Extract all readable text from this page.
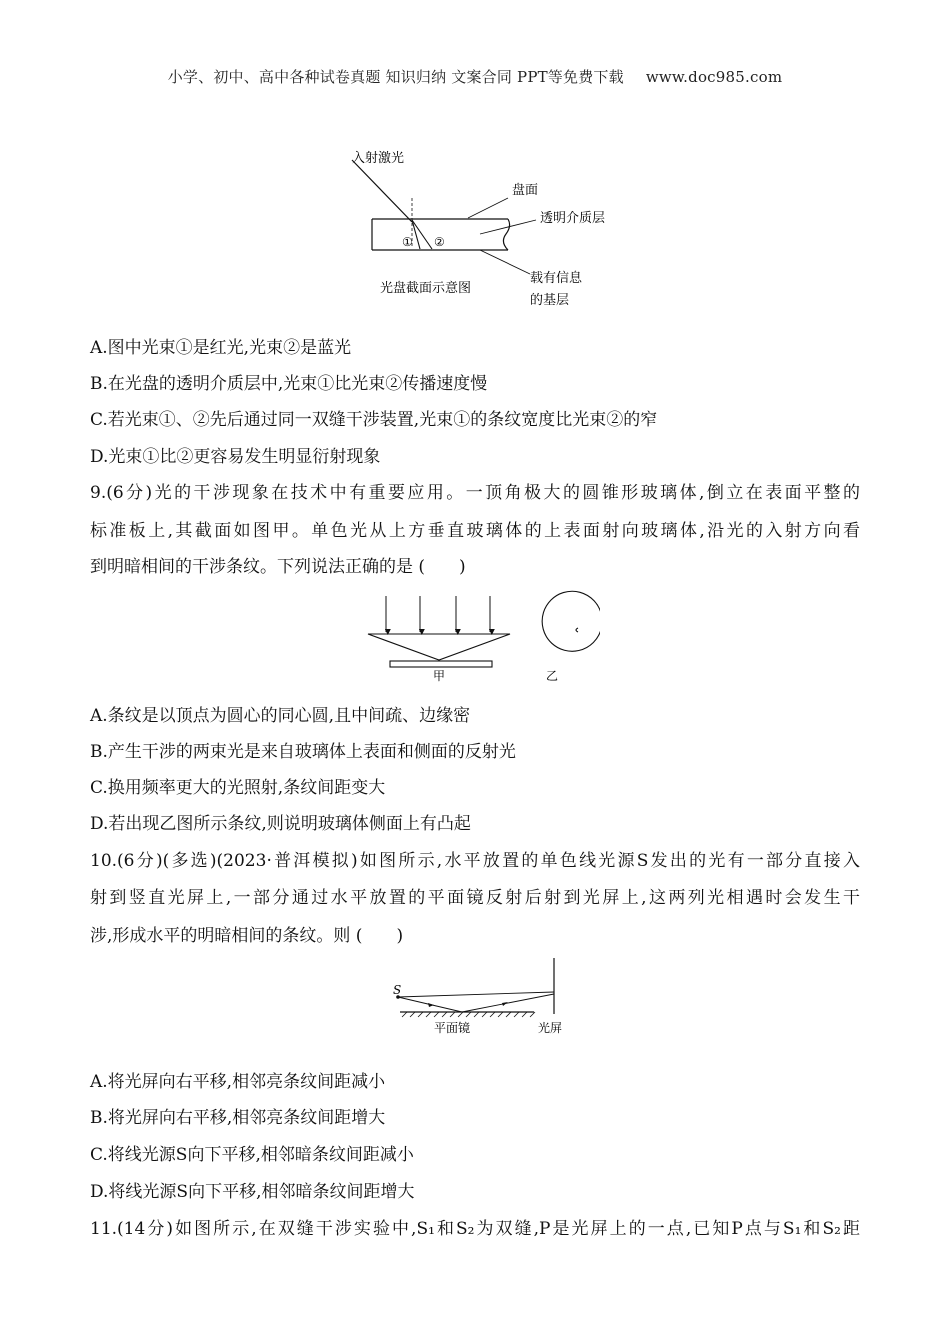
小学、初中、高中各种试卷真题 知识归纳 文案合同 PPT等免费下载 www.doc985.com
① ②
入射激光
盘面
透明介质层
载有信息
的基层
光盘截面示意图
A.图中光束①是红光,光束②是蓝光
B.在光盘的透明介质层中,光束①比光束②传播速度慢
C.若光束①、②先后通过同一双缝干涉装置,光束①的条纹宽度比光束②的窄
D.光束①比②更容易发生明显衍射现象
9.(6分)光的干涉现象在技术中有重要应用。一顶角极大的圆锥形玻璃体,倒立在表面平整的
标准板上,其截面如图甲。单色光从上方垂直玻璃体的上表面射向玻璃体,沿光的入射方向看
到明暗相间的干涉条纹。下列说法正确的是 (　　)
甲	乙
A.条纹是以顶点为圆心的同心圆,且中间疏、边缘密
B.产生干涉的两束光是来自玻璃体上表面和侧面的反射光
C.换用频率更大的光照射,条纹间距变大
D.若出现乙图所示条纹,则说明玻璃体侧面上有凸起
10.(6分)(多选)(2023·普洱模拟)如图所示,水平放置的单色线光源S发出的光有一部分直接入
射到竖直光屏上,一部分通过水平放置的平面镜反射后射到光屏上,这两列光相遇时会发生干
涉,形成水平的明暗相间的条纹。则 (　　)
S
平面镜	光屏
A.将光屏向右平移,相邻亮条纹间距减小
B.将光屏向右平移,相邻亮条纹间距增大
C.将线光源S向下平移,相邻暗条纹间距减小
D.将线光源S向下平移,相邻暗条纹间距增大
11.(14分)如图所示,在双缝干涉实验中,S₁和S₂为双缝,P是光屏上的一点,已知P点与S₁和S₂距
